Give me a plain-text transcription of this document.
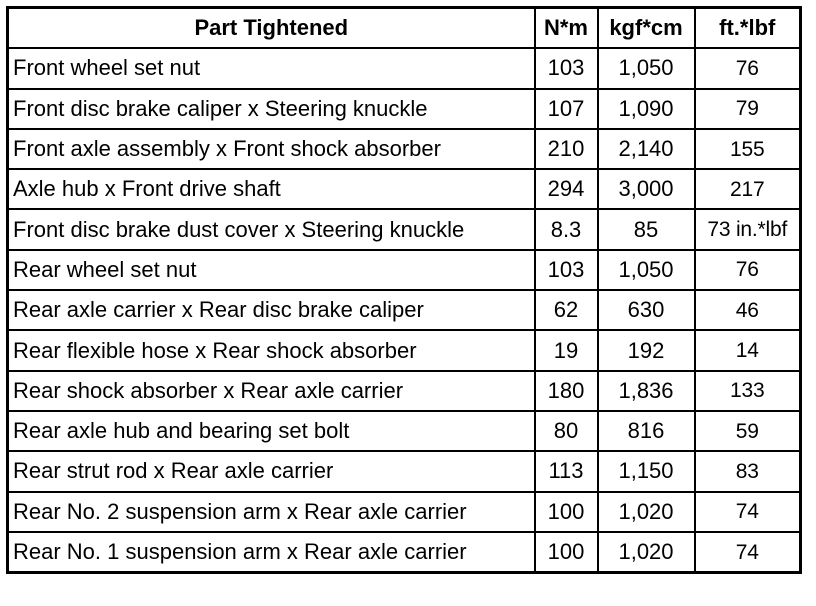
Part Tightened	N*m	kgf*cm	ft.*lbf
Front wheel set nut	103	1,050	76
Front disc brake caliper x Steering knuckle	107	1,090	79
Front axle assembly x Front shock absorber	210	2,140	155
Axle hub x Front drive shaft	294	3,000	217
Front disc brake dust cover x Steering knuckle	8.3	85	73 in.*lbf
Rear wheel set nut	103	1,050	76
Rear axle carrier x Rear disc brake caliper	62	630	46
Rear flexible hose x Rear shock absorber	19	192	14
Rear shock absorber x Rear axle carrier	180	1,836	133
Rear axle hub and bearing set bolt	80	816	59
Rear strut rod x Rear axle carrier	113	1,150	83
Rear No. 2 suspension arm x Rear axle carrier	100	1,020	74
Rear No. 1 suspension arm x Rear axle carrier	100	1,020	74
